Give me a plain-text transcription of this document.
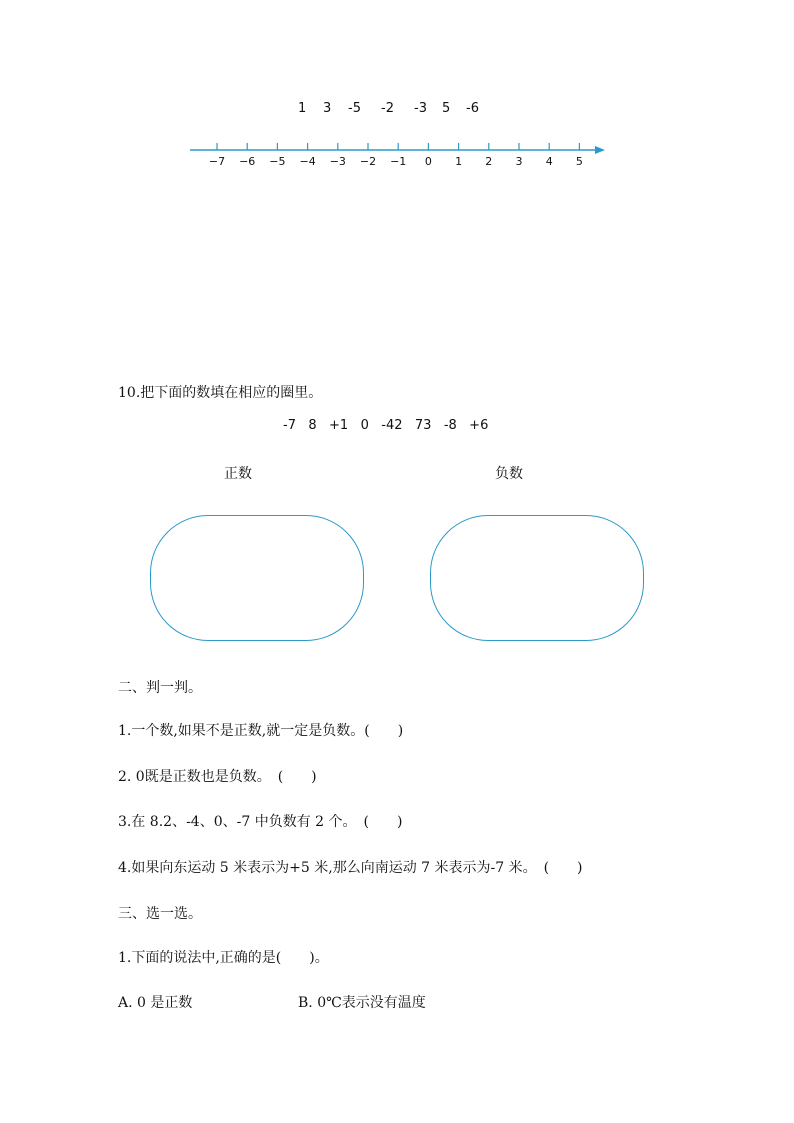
1 3 -5 -2 -3 5 -6
−7 −6 −5 −4 −3 −2 −1 0 1 2 3 4 5
10.把下面的数填在相应的圈里。
-7   8   +1   0   -42   73   -8   +6
正数	负数
二、判一判。
1.一个数,如果不是正数,就一定是负数。(　　)
2. 0既是正数也是负数。　(　　)
3.在 8.2、-4、0、-7 中负数有 2 个。　(　　)
4.如果向东运动 5 米表示为+5 米,那么向南运动 7 米表示为-7 米。　(　　)
三、选一选。
1.下面的说法中,正确的是(　　)。
A. 0 是正数	B. 0℃表示没有温度
